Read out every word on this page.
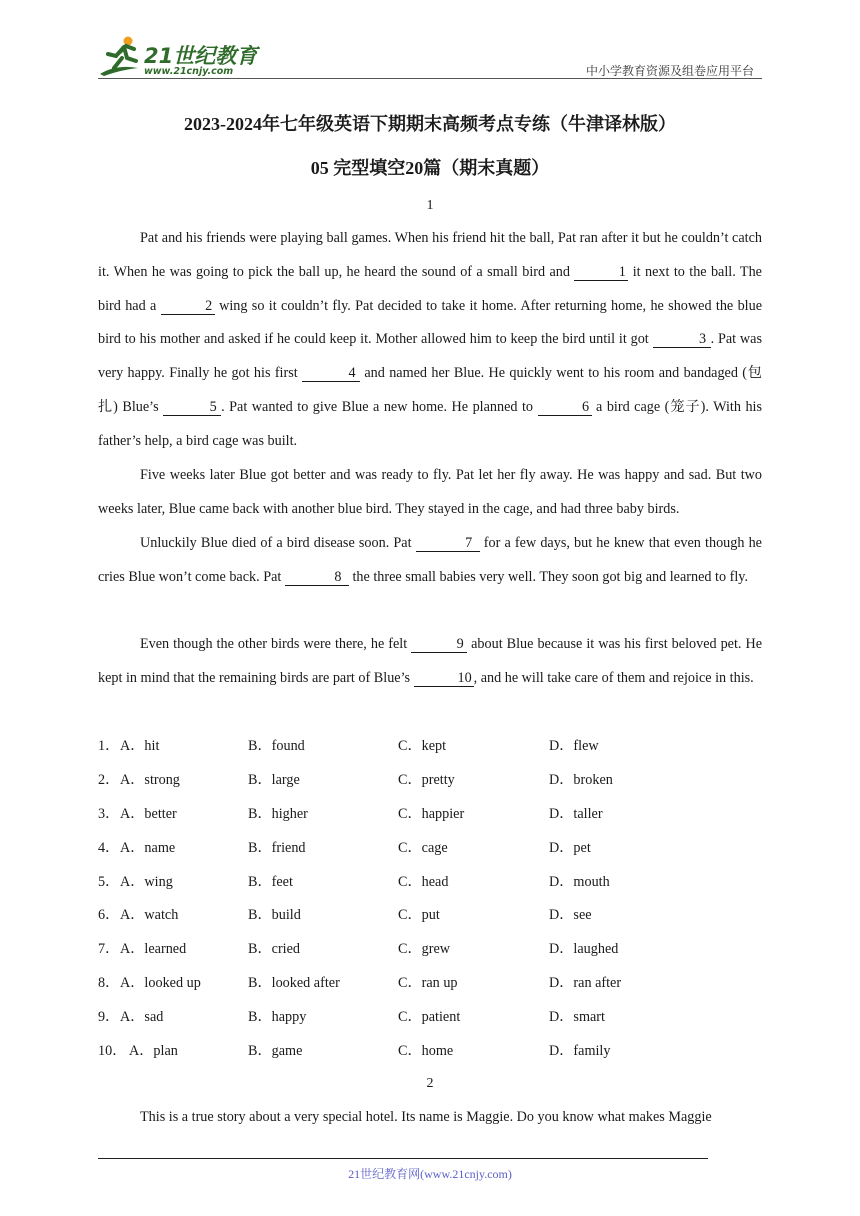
21世纪教育
www.21cnjy.com	中小学教育资源及组卷应用平台
2023-2024年七年级英语下期期末高频考点专练（牛津译林版）
05 完型填空20篇（期末真题）
1

Pat and his friends were playing ball games. When his friend hit the ball, Pat ran after it but he couldn’t catch it. When he was going to pick the ball up, he heard the sound of a small bird and	1 it next to the ball. The bird had a	2 wing so it couldn’t fly. Pat decided to take it home. After returning home, he showed the blue bird to his mother and asked if he could keep it. Mother allowed him to keep the bird until it got	3 . Pat was very happy. Finally he got his first	4 and named her Blue. He quickly went to his room and bandaged (包扎) Blue’s	5 . Pat wanted to give Blue a new home. He planned to	6 a bird cage (笼子). With his father’s help, a bird cage was built.

Five weeks later Blue got better and was ready to fly. Pat let her fly away. He was happy and sad. But two weeks later, Blue came back with another blue bird. They stayed in the cage, and had three baby birds.

Unluckily Blue died of a bird disease soon. Pat	7 for a few days, but he knew that even though he cries Blue won’t come back. Pat	8 the three small babies very well. They soon got big and learned to fly.

Even though the other birds were there, he felt	9 about Blue because it was his first beloved pet. He kept in mind that the remaining birds are part of Blue’s	10 , and he will take care of them and rejoice in this.

1． A．hit	B．found	C．kept	D．flew
2． A．strong	B．large	C．pretty	D．broken
3． A．better	B．higher	C．happier	D．taller
4． A．name	B．friend	C．cage	D．pet
5． A．wing	B．feet	C．head	D．mouth
6． A．watch	B．build	C．put	D．see
7． A．learned	B．cried	C．grew	D．laughed
8． A．looked up	B．looked after	C．ran up	D．ran after
9． A．sad	B．happy	C．patient	D．smart
10． A．plan	B．game	C．home	D．family
2

This is a true story about a very special hotel. Its name is Maggie. Do you know what makes Maggie

21世纪教育网(www.21cnjy.com)
